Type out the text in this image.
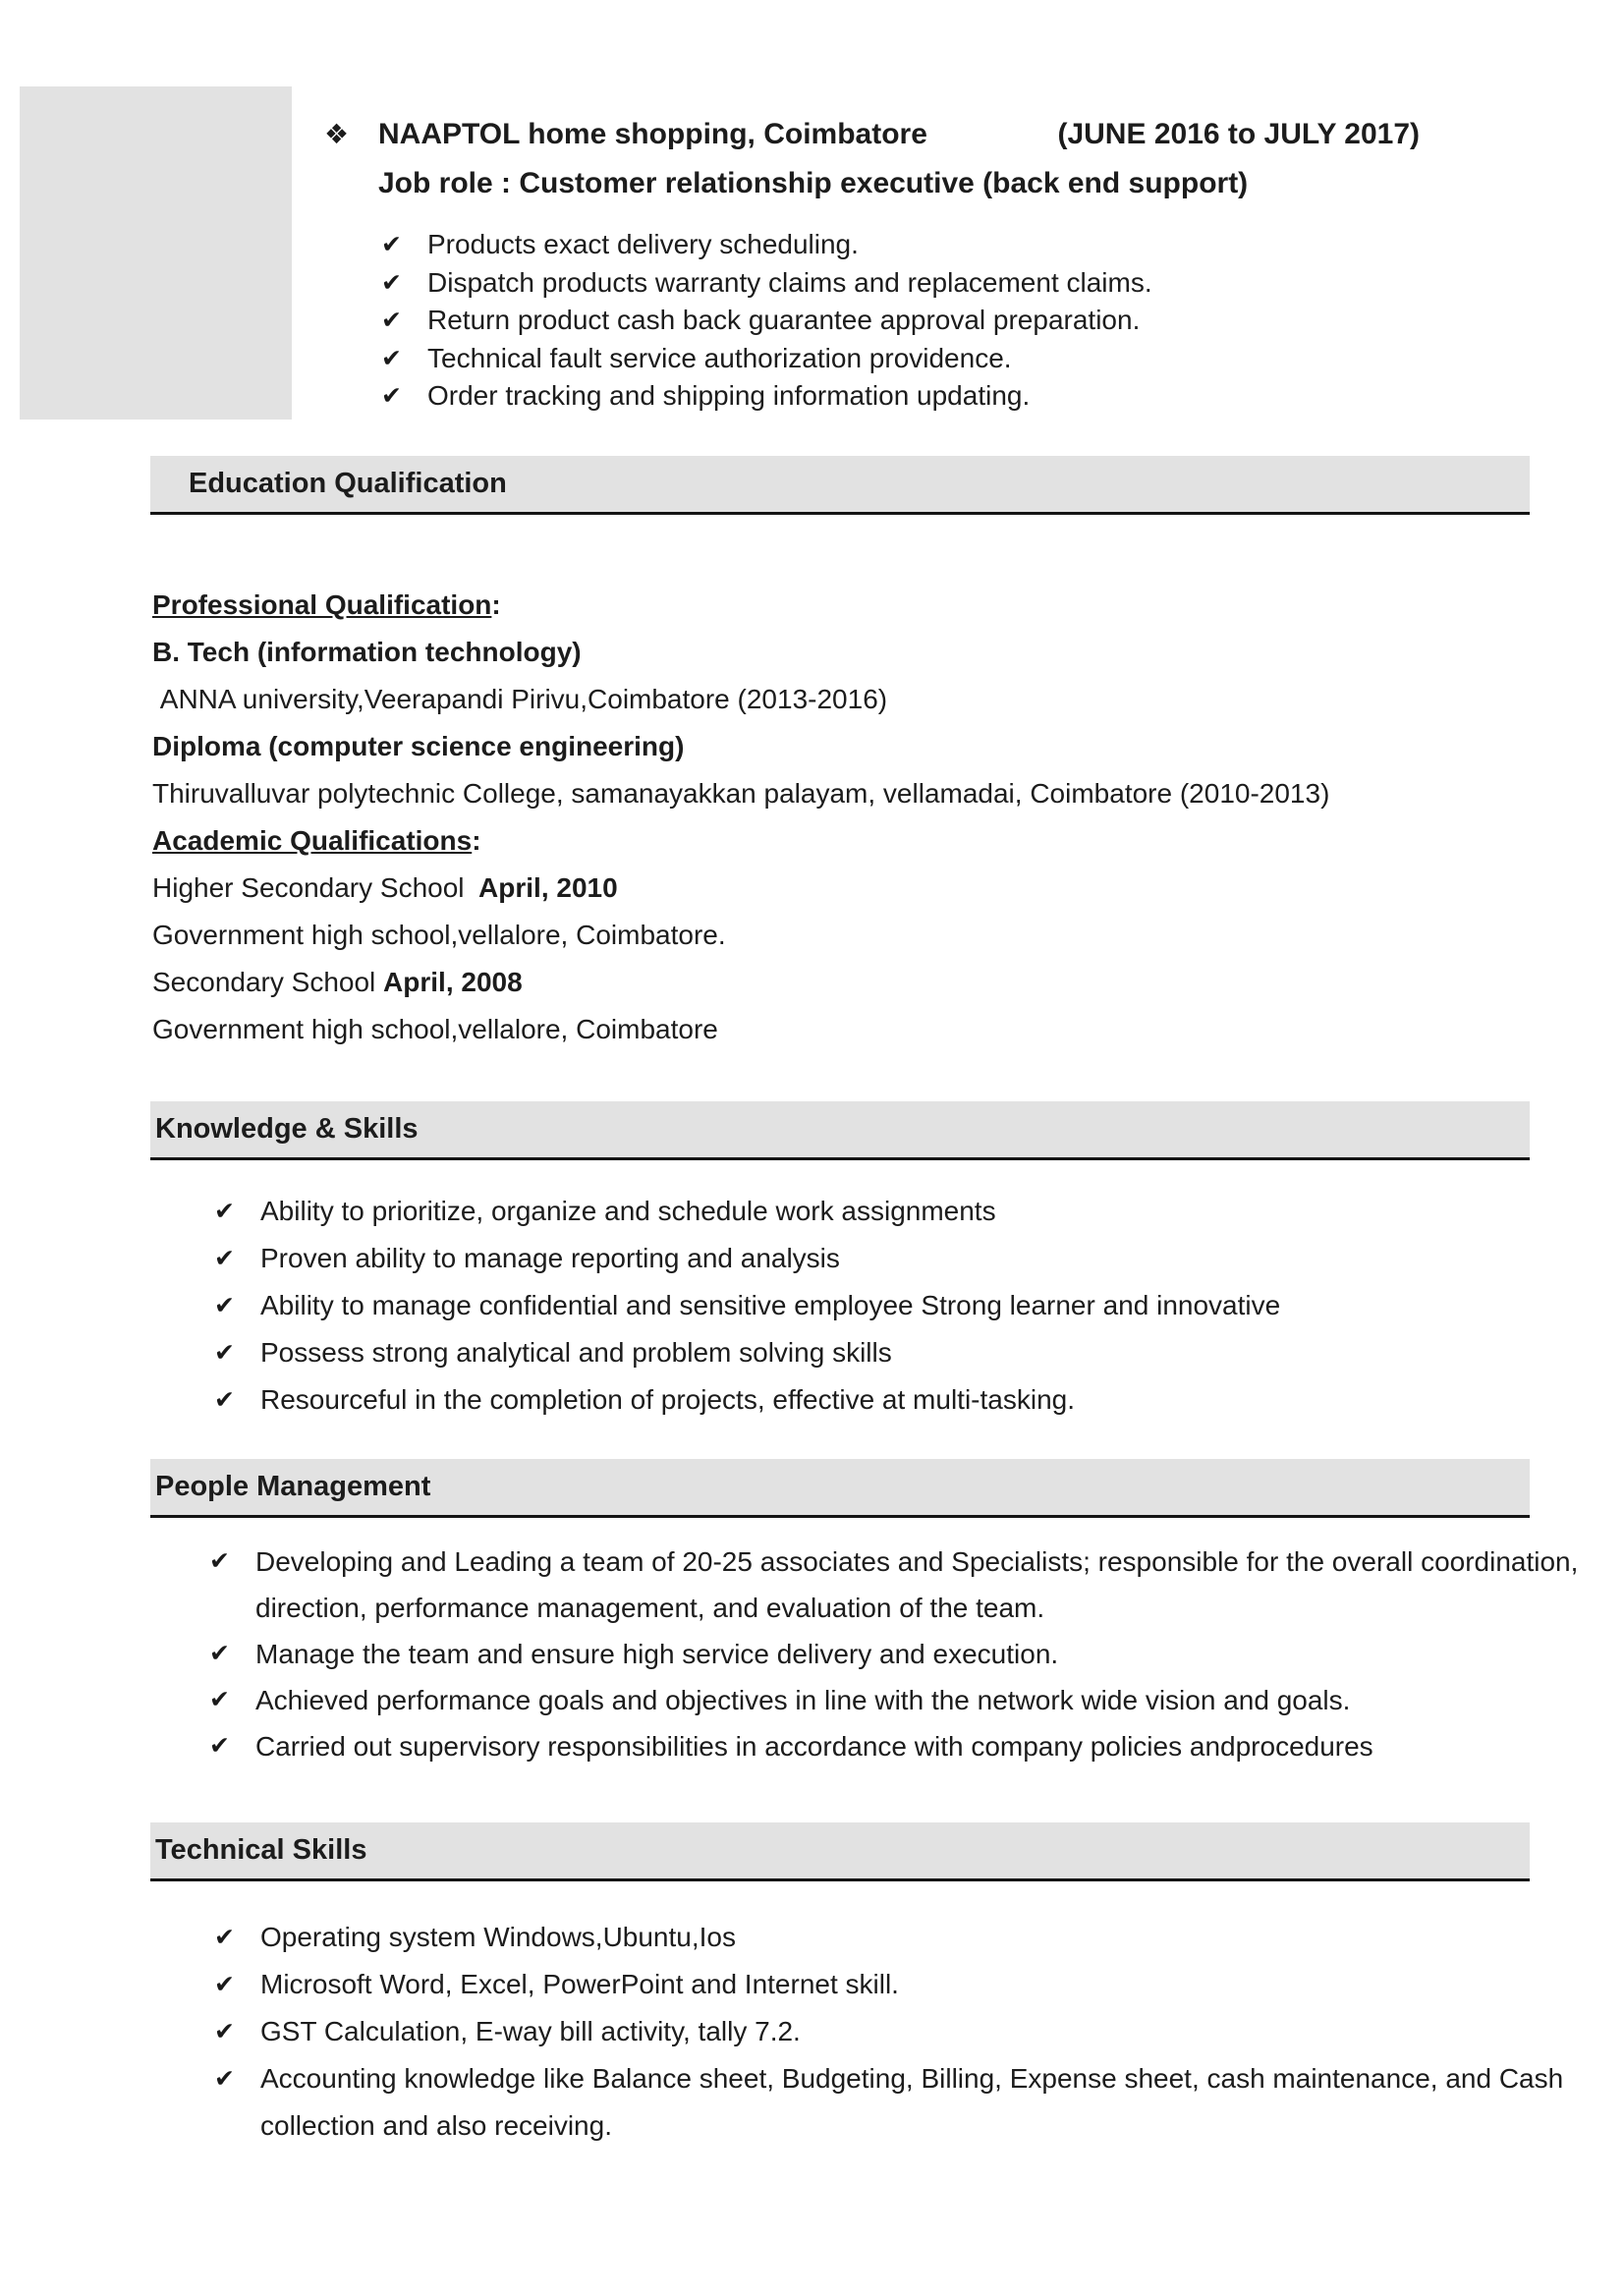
❖ NAAPTOL home shopping, Coimbatore	(JUNE 2016 to JULY 2017)
Job role : Customer relationship executive (back end support)
✔ Products exact delivery scheduling.
✔ Dispatch products warranty claims and replacement claims.
✔ Return product cash back guarantee approval preparation.
✔ Technical fault service authorization providence.
✔ Order tracking and shipping information updating.
Education Qualification
Professional Qualification:
B. Tech (information technology)
ANNA university,Veerapandi Pirivu,Coimbatore (2013-2016)
Diploma (computer science engineering)
Thiruvalluvar polytechnic College, samanayakkan palayam, vellamadai, Coimbatore (2010-2013)
Academic Qualifications:
Higher Secondary School  April, 2010
Government high school,vellalore, Coimbatore.
Secondary School April, 2008
Government high school,vellalore, Coimbatore
Knowledge & Skills
✔ Ability to prioritize, organize and schedule work assignments
✔ Proven ability to manage reporting and analysis
✔ Ability to manage confidential and sensitive employee Strong learner and innovative
✔ Possess strong analytical and problem solving skills
✔ Resourceful in the completion of projects, effective at multi-tasking.
People Management
✔ Developing and Leading a team of 20-25 associates and Specialists; responsible for the overall coordination, direction, performance management, and evaluation of the team.
✔ Manage the team and ensure high service delivery and execution.
✔ Achieved performance goals and objectives in line with the network wide vision and goals.
✔ Carried out supervisory responsibilities in accordance with company policies andprocedures
Technical Skills
✔ Operating system Windows,Ubuntu,Ios
✔ Microsoft Word, Excel, PowerPoint and Internet skill.
✔ GST Calculation, E-way bill activity, tally 7.2.
✔ Accounting knowledge like Balance sheet, Budgeting, Billing, Expense sheet, cash maintenance, and Cash collection and also receiving.
